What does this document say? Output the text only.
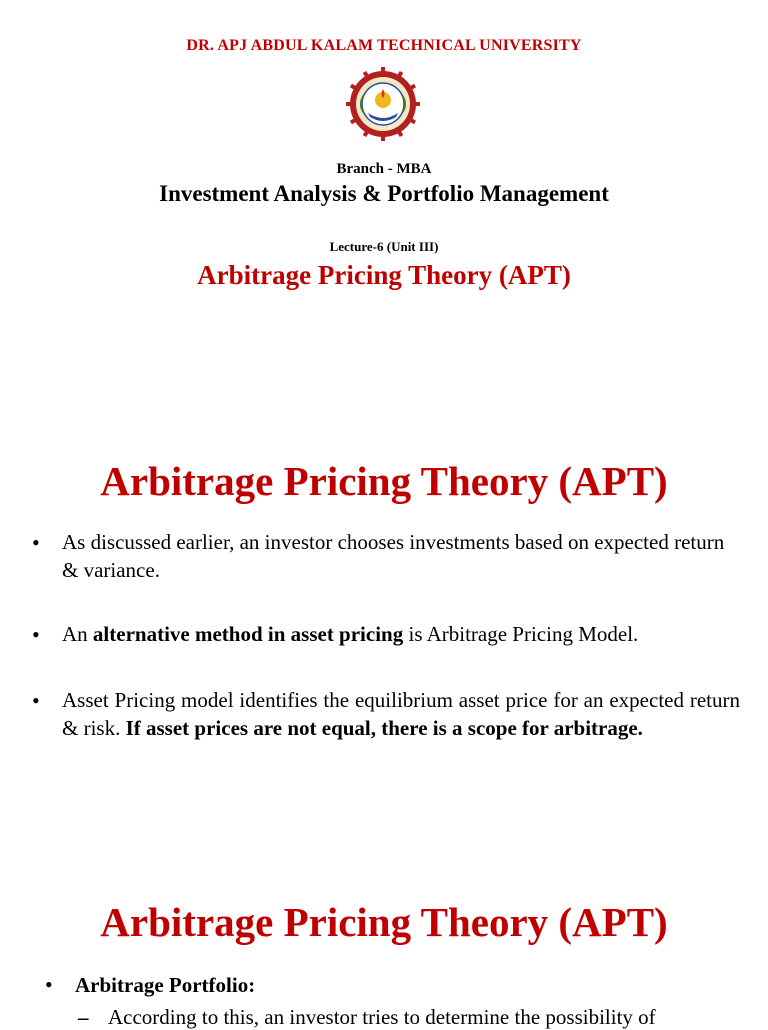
DR. APJ ABDUL KALAM TECHNICAL UNIVERSITY
Branch - MBA
Investment Analysis & Portfolio Management
Lecture-6 (Unit III)
Arbitrage Pricing Theory (APT)
Arbitrage Pricing Theory (APT)
• As discussed earlier, an investor chooses investments based on expected return & variance.
• An alternative method in asset pricing is Arbitrage Pricing Model.
• Asset Pricing model identifies the equilibrium asset price for an expected return & risk. If asset prices are not equal, there is a scope for arbitrage.
Arbitrage Pricing Theory (APT)
• Arbitrage Portfolio:
– According to this, an investor tries to determine the possibility of
